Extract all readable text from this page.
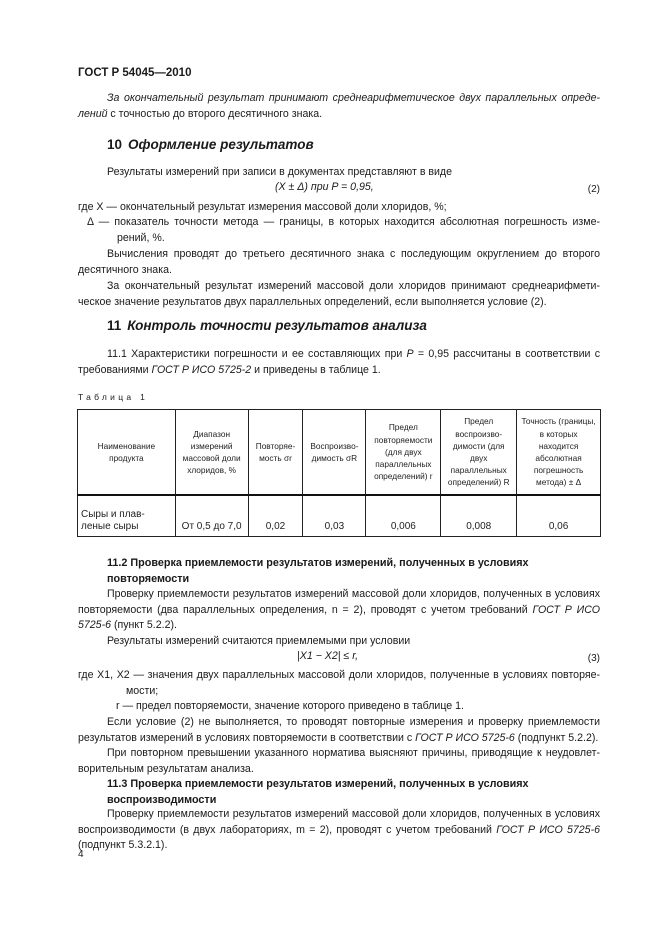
ГОСТ Р 54045—2010
За окончательный результат принимают среднеарифметическое двух параллельных опреде-лений с точностью до второго десятичного знака.
10 Оформление результатов
Результаты измерений при записи в документах представляют в виде
(X ± Δ) при P = 0,95,	(2)
где X — окончательный результат измерения массовой доли хлоридов, %;
Δ — показатель точности метода — границы, в которых находится абсолютная погрешность изме-рений, %.
Вычисления проводят до третьего десятичного знака с последующим округлением до второго десятичного знака.
За окончательный результат измерений массовой доли хлоридов принимают среднеарифмети-ческое значение результатов двух параллельных определений, если выполняется условие (2).
11 Контроль точности результатов анализа
11.1 Характеристики погрешности и ее составляющих при P = 0,95 рассчитаны в соответствии с требованиями ГОСТ Р ИСО 5725-2 и приведены в таблице 1.
Таблица 1
Наименование продукта	Диапазон измерений массовой доли хлоридов, %	Повторяе-мость σr	Воспроизво-димость σR	Предел повторяемости (для двух параллельных определений) r	Предел воспроизво-димости (для двух параллельных определений) R	Точность (границы, в которых находится абсолютная погрешность метода) ± Δ
Сыры и плав-леные сыры	От 0,5 до 7,0	0,02	0,03	0,006	0,008	0,06
11.2 Проверка приемлемости результатов измерений, полученных в условиях повторяемости
Проверку приемлемости результатов измерений массовой доли хлоридов, полученных в условиях повторяемости (два параллельных определения, n = 2), проводят с учетом требований ГОСТ Р ИСО 5725-6 (пункт 5.2.2).
Результаты измерений считаются приемлемыми при условии
|X1 − X2| ≤ r,	(3)
где X1, X2 — значения двух параллельных массовой доли хлоридов, полученные в условиях повторяе-мости;
r — предел повторяемости, значение которого приведено в таблице 1.
Если условие (2) не выполняется, то проводят повторные измерения и проверку приемлемости результатов измерений в условиях повторяемости в соответствии с ГОСТ Р ИСО 5725-6 (подпункт 5.2.2).
При повторном превышении указанного норматива выясняют причины, приводящие к неудовлет-ворительным результатам анализа.
11.3 Проверка приемлемости результатов измерений, полученных в условиях воспроизводимости
Проверку приемлемости результатов измерений массовой доли хлоридов, полученных в условиях воспроизводимости (в двух лабораториях, m = 2), проводят с учетом требований ГОСТ Р ИСО 5725-6 (подпункт 5.3.2.1).
4
